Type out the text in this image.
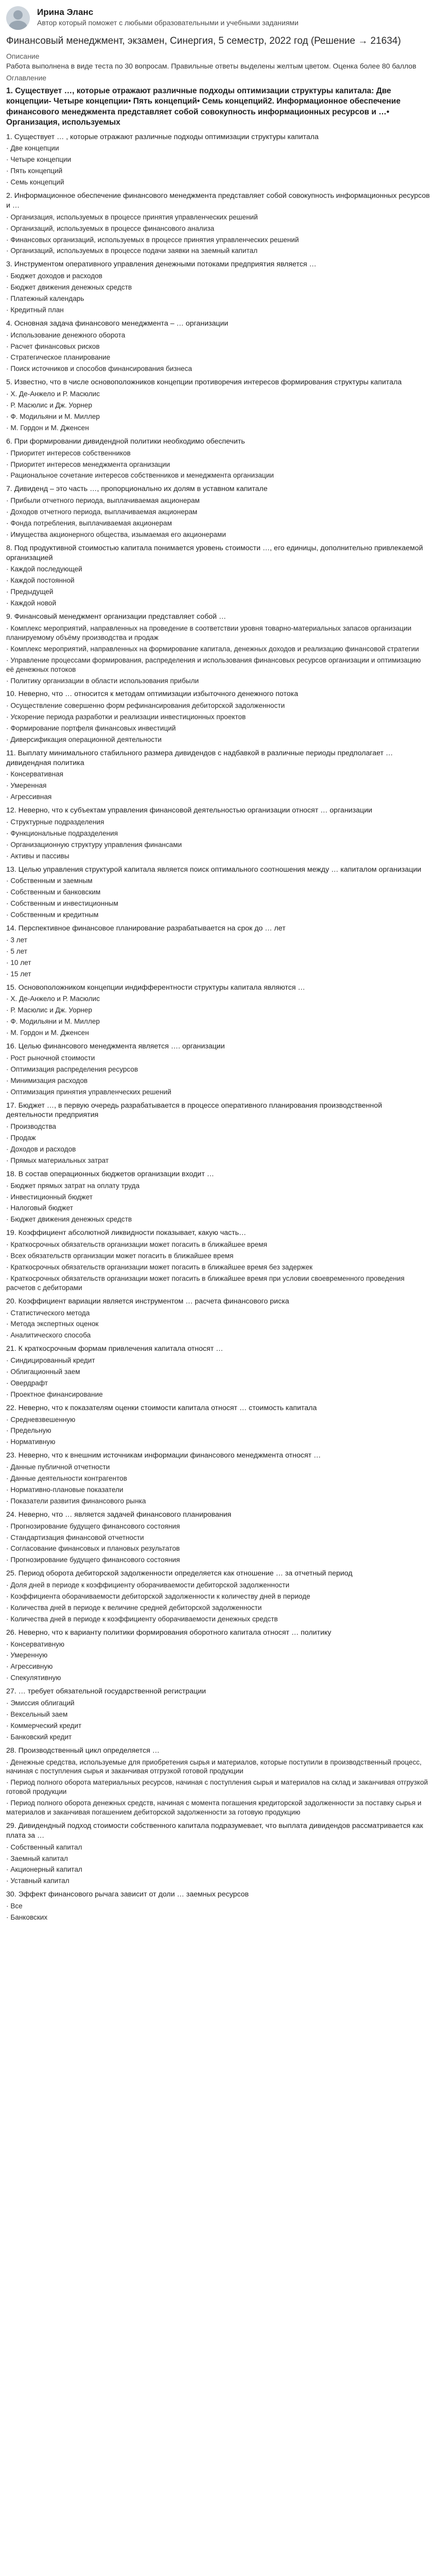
Ирина Эланс
Автор который поможет с любыми образовательными и учебными заданиями
Финансовый менеджмент, экзамен, Синергия, 5 семестр, 2022 год (Решение → 21634)
Описание
Работа выполнена в виде теста по 30 вопросам. Правильные ответы выделены желтым цветом. Оценка более 80 баллов
Оглавление
1. Существует …, которые отражают различные подходы оптимизации структуры капитала: Две концепции- Четыре концепции• Пять концепций• Семь концепций2. Информационное обеспечение финансового менеджмента представляет собой совокупность информационных ресурсов и …• Организация, используемых
1. Существует … , которые отражают различные подходы оптимизации структуры капитала
· Две концепции
· Четыре концепции
· Пять концепций
· Семь концепций
2. Информационное обеспечение финансового менеджмента представляет собой совокупность информационных ресурсов и …
· Организация, используемых в процессе принятия управленческих решений
· Организаций, используемых в процессе финансового анализа
· Финансовых организаций, используемых в процессе принятия управленческих решений
· Организаций, используемых в процессе подачи заявки на заемный капитал
3. Инструментом оперативного управления денежными потоками предприятия является …
· Бюджет доходов и расходов
· Бюджет движения денежных средств
· Платежный календарь
· Кредитный план
4. Основная задача финансового менеджмента – … организации
· Использование денежного оборота
· Расчет финансовых рисков
· Стратегическое планирование
· Поиск источников и способов финансирования бизнеса
5. Известно, что в числе основоположников концепции противоречия интересов формирования структуры капитала
· Х. Де-Анжело и Р. Масюлис
· Р. Масюлис и Дж. Уорнер
· Ф. Модильяни и М. Миллер
· М. Гордон и М. Дженсен
6. При формировании дивидендной политики необходимо обеспечить
· Приоритет интересов собственников
· Приоритет интересов менеджмента организации
· Рациональное сочетание интересов собственников и менеджмента организации
7. Дивиденд – это часть …, пропорционально их долям в уставном капитале
· Прибыли отчетного периода, выплачиваемая акционерам
· Доходов отчетного периода, выплачиваемая акционерам
· Фонда потребления, выплачиваемая акционерам
· Имущества акционерного общества, изымаемая его акционерами
8. Под продуктивной стоимостью капитала понимается уровень стоимости …, его единицы, дополнительно привлекаемой организацией
· Каждой последующей
· Каждой постоянной
· Предыдущей
· Каждой новой
9. Финансовый менеджмент организации представляет собой …
· Комплекс мероприятий, направленных на проведение в соответствии уровня товарно-материальных запасов организации планируемому объёму производства и продаж
· Комплекс мероприятий, направленных на формирование капитала, денежных доходов и реализацию финансовой стратегии
· Управление процессами формирования, распределения и использования финансовых ресурсов организации и оптимизацию её денежных потоков
· Политику организации в области использования прибыли
10. Неверно, что … относится к методам оптимизации избыточного денежного потока
· Осуществление совершенно форм рефинансирования дебиторской задолженности
· Ускорение периода разработки и реализации инвестиционных проектов
· Формирование портфеля финансовых инвестиций
· Диверсификация операционной деятельности
11. Выплату минимального стабильного размера дивидендов с надбавкой в различные периоды предполагает … дивидендная политика
· Консервативная
· Умеренная
· Агрессивная
12. Неверно, что к субъектам управления финансовой деятельностью организации относят … организации
· Структурные подразделения
· Функциональные подразделения
· Организационную структуру управления финансами
· Активы и пассивы
13. Целью управления структурой капитала является поиск оптимального соотношения между … капиталом организации
· Собственным и заемным
· Собственным и банковским
· Собственным и инвестиционным
· Собственным и кредитным
14. Перспективное финансовое планирование разрабатывается на срок до … лет
· 3 лет
· 5 лет
· 10 лет
· 15 лет
15. Основоположником концепции индифферентности структуры капитала являются …
· Х. Де-Анжело и Р. Масюлис
· Р. Масюлис и Дж. Уорнер
· Ф. Модильяни и М. Миллер
· М. Гордон и М. Дженсен
16. Целью финансового менеджмента является …. организации
· Рост рыночной стоимости
· Оптимизация распределения ресурсов
· Минимизация расходов
· Оптимизация принятия управленческих решений
17. Бюджет …, в первую очередь разрабатывается в процессе оперативного планирования производственной деятельности предприятия
· Производства
· Продаж
· Доходов и расходов
· Прямых материальных затрат
18. В состав операционных бюджетов организации входит …
· Бюджет прямых затрат на оплату труда
· Инвестиционный бюджет
· Налоговый бюджет
· Бюджет движения денежных средств
19. Коэффициент абсолютной ликвидности показывает, какую часть…
· Краткосрочных обязательств организации может погасить в ближайшее время
· Всех обязательств организации может погасить в ближайшее время
· Краткосрочных обязательств организации может погасить в ближайшее время без задержек
· Краткосрочных обязательств организации может погасить в ближайшее время при условии своевременного проведения расчетов с дебиторами
20. Коэффициент вариации является инструментом … расчета финансового риска
· Статистического метода
· Метода экспертных оценок
· Аналитического способа
21. К краткосрочным формам привлечения капитала относят …
· Синдицированный кредит
· Облигационный заем
· Овердрафт
· Проектное финансирование
22. Неверно, что к показателям оценки стоимости капитала относят … стоимость капитала
· Средневзвешенную
· Предельную
· Нормативную
23. Неверно, что к внешним источникам информации финансового менеджмента относят …
· Данные публичной отчетности
· Данные деятельности контрагентов
· Нормативно-плановые показатели
· Показатели развития финансового рынка
24. Неверно, что … является задачей финансового планирования
· Прогнозирование будущего финансового состояния
· Стандартизация финансовой отчетности
· Согласование финансовых и плановых результатов
· Прогнозирование будущего финансового состояния
25. Период оборота дебиторской задолженности определяется как отношение … за отчетный период
· Доля дней в периоде к коэффициенту оборачиваемости дебиторской задолженности
· Коэффициента оборачиваемости дебиторской задолженности к количеству дней в периоде
· Количества дней в периоде к величине средней дебиторской задолженности
· Количества дней в периоде к коэффициенту оборачиваемости денежных средств
26. Неверно, что к варианту политики формирования оборотного капитала относят … политику
· Консервативную
· Умеренную
· Агрессивную
· Спекулятивную
27. … требует обязательной государственной регистрации
· Эмиссия облигаций
· Вексельный заем
· Коммерческий кредит
· Банковский кредит
28. Производственный цикл определяется …
· Денежные средства, используемые для приобретения сырья и материалов, которые поступили в производственный процесс, начиная с поступления сырья и заканчивая отгрузкой готовой продукции
· Период полного оборота материальных ресурсов, начиная с поступления сырья и материалов на склад и заканчивая отгрузкой готовой продукции
· Период полного оборота денежных средств, начиная с момента погашения кредиторской задолженности за поставку сырья и материалов и заканчивая погашением дебиторской задолженности за готовую продукцию
29. Дивидендный подход стоимости собственного капитала подразумевает, что выплата дивидендов рассматривается как плата за …
· Собственный капитал
· Заемный капитал
· Акционерный капитал
· Уставный капитал
30. Эффект финансового рычага зависит от доли … заемных ресурсов
· Все
· Банковских
